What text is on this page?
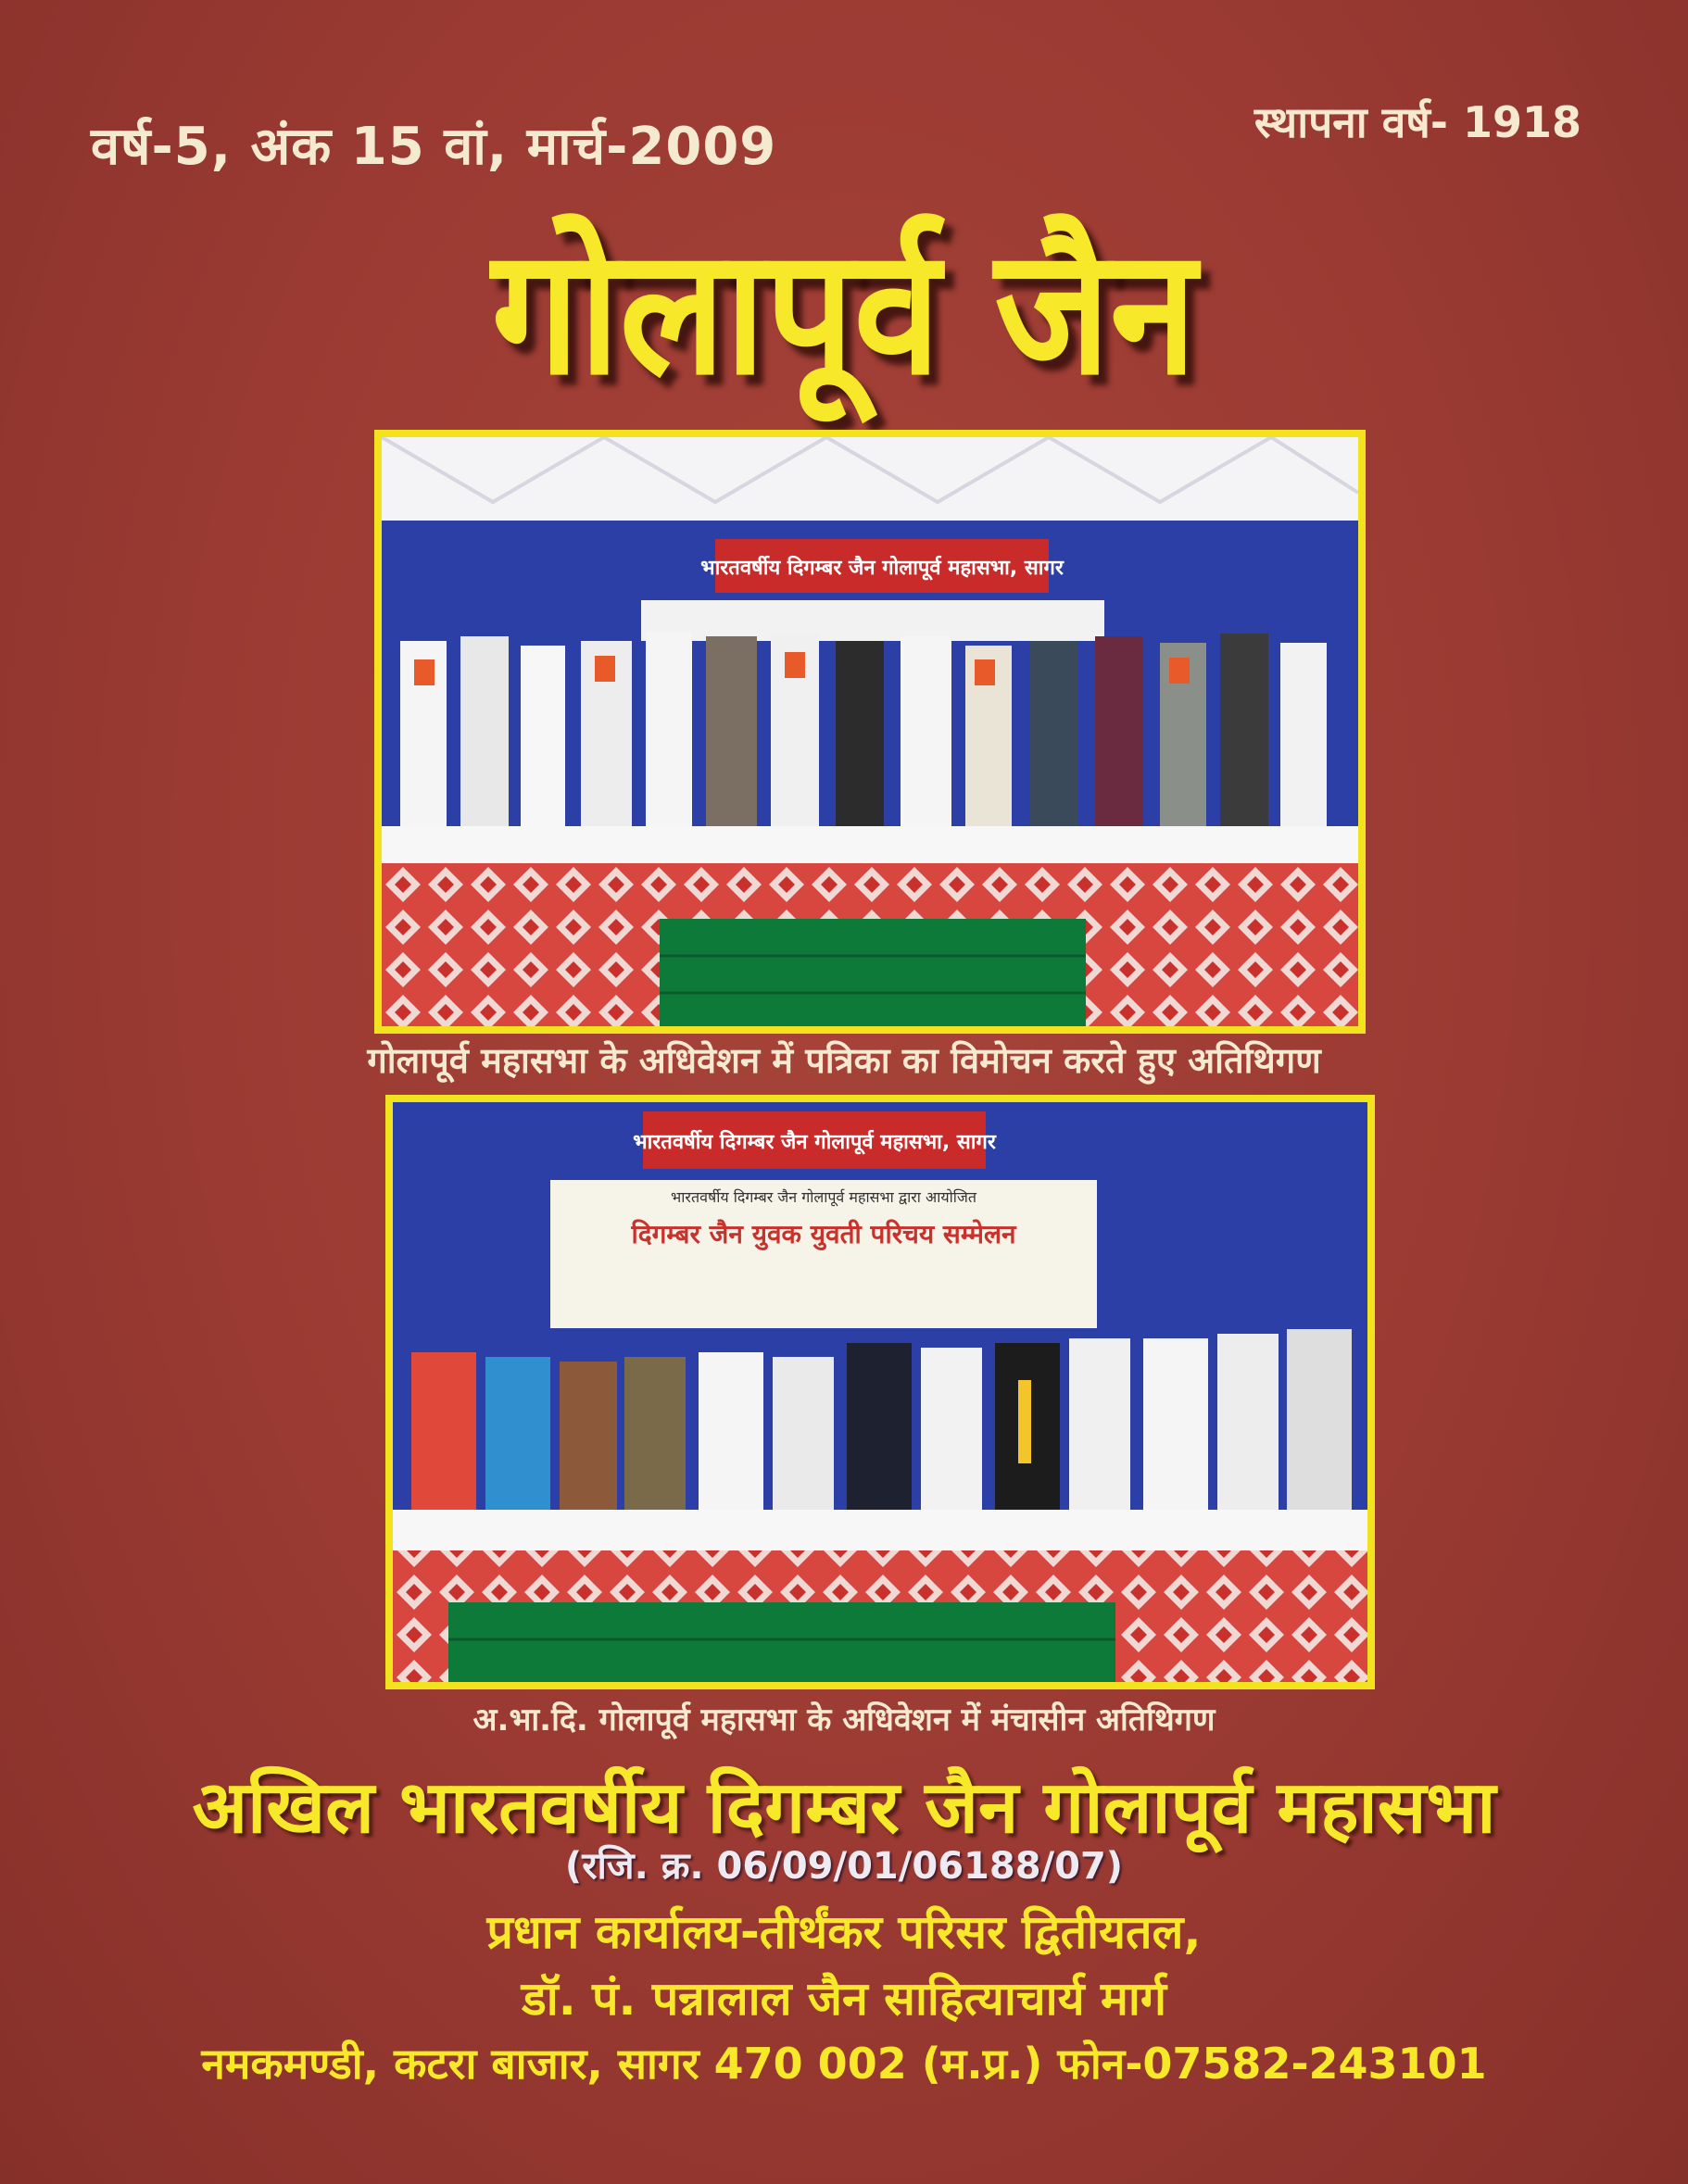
वर्ष-5, अंक 15 वां, मार्च-2009	स्थापना वर्ष- 1918
गोलापूर्व जैन
भारतवर्षीय दिगम्बर जैन गोलापूर्व महासभा, सागर
गोलापूर्व महासभा के अधिवेशन में पत्रिका का विमोचन करते हुए अतिथिगण
भारतवर्षीय दिगम्बर जैन गोलापूर्व महासभा, सागर
भारतवर्षीय दिगम्बर जैन गोलापूर्व महासभा द्वारा आयोजित
दिगम्बर जैन युवक युवती परिचय सम्मेलन
अ.भा.दि. गोलापूर्व महासभा के अधिवेशन में मंचासीन अतिथिगण
अखिल भारतवर्षीय दिगम्बर जैन गोलापूर्व महासभा
(रजि. क्र. 06/09/01/06188/07)
प्रधान कार्यालय-तीर्थंकर परिसर द्वितीयतल,
डॉ. पं. पन्नालाल जैन साहित्याचार्य मार्ग
नमकमण्डी, कटरा बाजार, सागर 470 002 (म.प्र.) फोन-07582-243101
